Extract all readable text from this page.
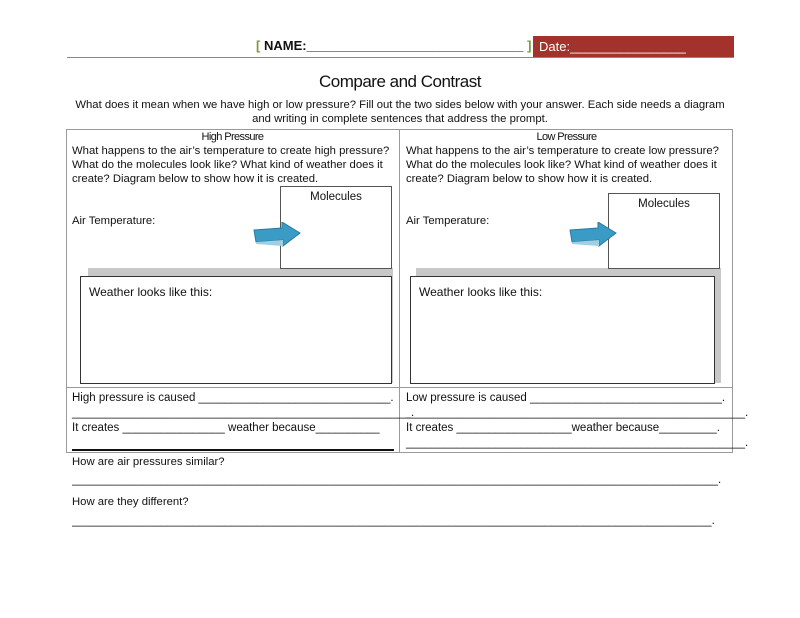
[ NAME:______________________________ ] Date:________________
Compare and Contrast
What does it mean when we have high or low pressure? Fill out the two sides below with your answer. Each side needs a diagram and writing in complete sentences that address the prompt.
High Pressure
What happens to the air’s temperature to create high pressure? What do the molecules look like? What kind of weather does it create? Diagram below to show how it is created.
Air Temperature:
Molecules
Weather looks like this:
High pressure is caused ______________________________.
_____________________________________________________.
It creates ________________ weather because__________
Low Pressure
What happens to the air’s temperature to create low pressure? What do the molecules look like? What kind of weather does it create? Diagram below to show how it is created.
Air Temperature:
Molecules
Weather looks like this:
Low pressure is caused ______________________________.
_____________________________________________________.
It creates __________________weather because_________.
_____________________________________________________.
How are air pressures similar?
_____________________________________________________________________________________________________.
How are they different?
____________________________________________________________________________________________________.
